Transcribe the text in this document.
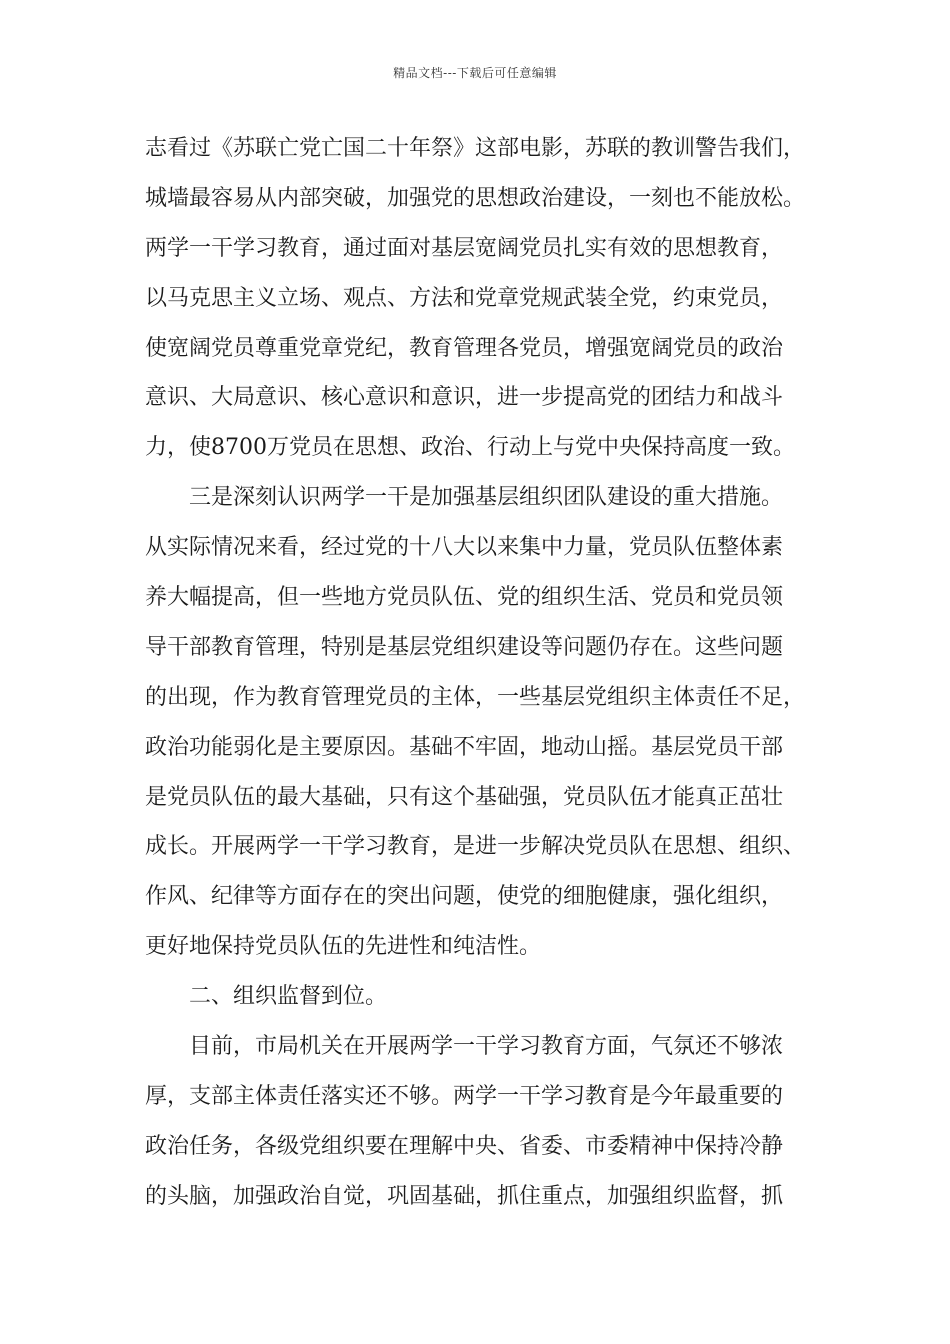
精品文档---下载后可任意编辑
志看过《苏联亡党亡国二十年祭》这部电影，苏联的教训警告我们，
城墙最容易从内部突破，加强党的思想政治建设，一刻也不能放松。
两学一干学习教育，通过面对基层宽阔党员扎实有效的思想教育，
以马克思主义立场、观点、方法和党章党规武装全党，约束党员，
使宽阔党员尊重党章党纪，教育管理各党员，增强宽阔党员的政治
意识、大局意识、核心意识和意识，进一步提高党的团结力和战斗
力，使8700万党员在思想、政治、行动上与党中央保持高度一致。
三是深刻认识两学一干是加强基层组织团队建设的重大措施。
从实际情况来看，经过党的十八大以来集中力量，党员队伍整体素
养大幅提高，但一些地方党员队伍、党的组织生活、党员和党员领
导干部教育管理，特别是基层党组织建设等问题仍存在。这些问题
的出现，作为教育管理党员的主体，一些基层党组织主体责任不足，
政治功能弱化是主要原因。基础不牢固，地动山摇。基层党员干部
是党员队伍的最大基础，只有这个基础强，党员队伍才能真正茁壮
成长。开展两学一干学习教育，是进一步解决党员队在思想、组织、
作风、纪律等方面存在的突出问题，使党的细胞健康，强化组织，
更好地保持党员队伍的先进性和纯洁性。
二、组织监督到位。
目前，市局机关在开展两学一干学习教育方面，气氛还不够浓
厚，支部主体责任落实还不够。两学一干学习教育是今年最重要的
政治任务，各级党组织要在理解中央、省委、市委精神中保持冷静
的头脑，加强政治自觉，巩固基础，抓住重点，加强组织监督，抓
